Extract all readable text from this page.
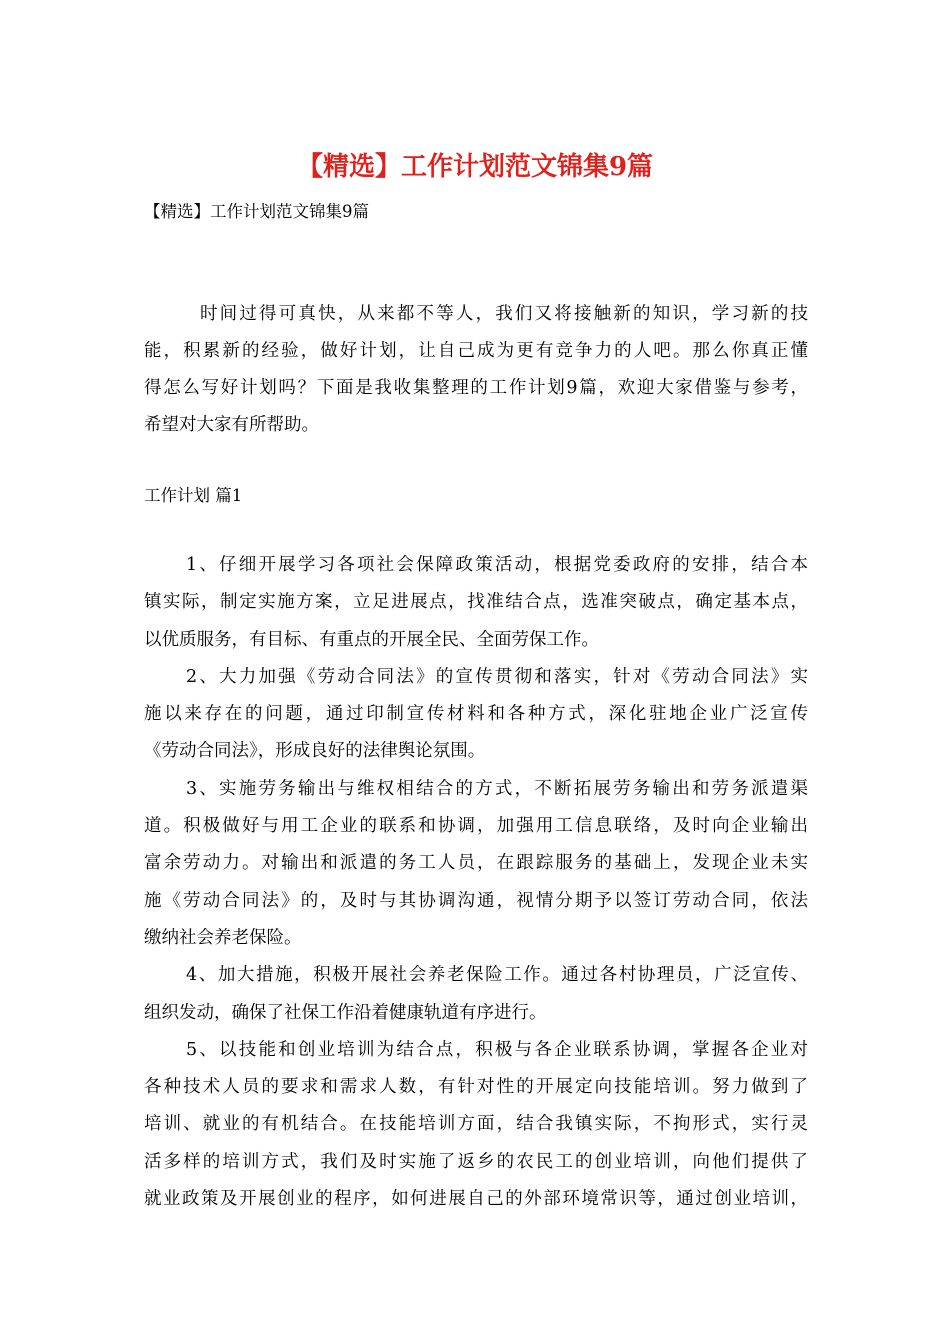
【精选】工作计划范文锦集9篇

【精选】工作计划范文锦集9篇

时间过得可真快，从来都不等人，我们又将接触新的知识，学习新的技
能，积累新的经验，做好计划，让自己成为更有竞争力的人吧。那么你真正懂
得怎么写好计划吗？下面是我收集整理的工作计划9篇，欢迎大家借鉴与参考，
希望对大家有所帮助。

工作计划 篇1

1、仔细开展学习各项社会保障政策活动，根据党委政府的安排，结合本
镇实际，制定实施方案，立足进展点，找准结合点，选准突破点，确定基本点，
以优质服务，有目标、有重点的开展全民、全面劳保工作。

2、大力加强《劳动合同法》的宣传贯彻和落实，针对《劳动合同法》实
施以来存在的问题，通过印制宣传材料和各种方式，深化驻地企业广泛宣传
《劳动合同法》，形成良好的法律舆论氛围。

3、实施劳务输出与维权相结合的方式，不断拓展劳务输出和劳务派遣渠
道。积极做好与用工企业的联系和协调，加强用工信息联络，及时向企业输出
富余劳动力。对输出和派遣的务工人员，在跟踪服务的基础上，发现企业未实
施《劳动合同法》的，及时与其协调沟通，视情分期予以签订劳动合同，依法
缴纳社会养老保险。

4、加大措施，积极开展社会养老保险工作。通过各村协理员，广泛宣传、
组织发动，确保了社保工作沿着健康轨道有序进行。

5、以技能和创业培训为结合点，积极与各企业联系协调，掌握各企业对
各种技术人员的要求和需求人数，有针对性的开展定向技能培训。努力做到了
培训、就业的有机结合。在技能培训方面，结合我镇实际，不拘形式，实行灵
活多样的培训方式，我们及时实施了返乡的农民工的创业培训，向他们提供了
就业政策及开展创业的程序，如何进展自己的外部环境常识等，通过创业培训，
